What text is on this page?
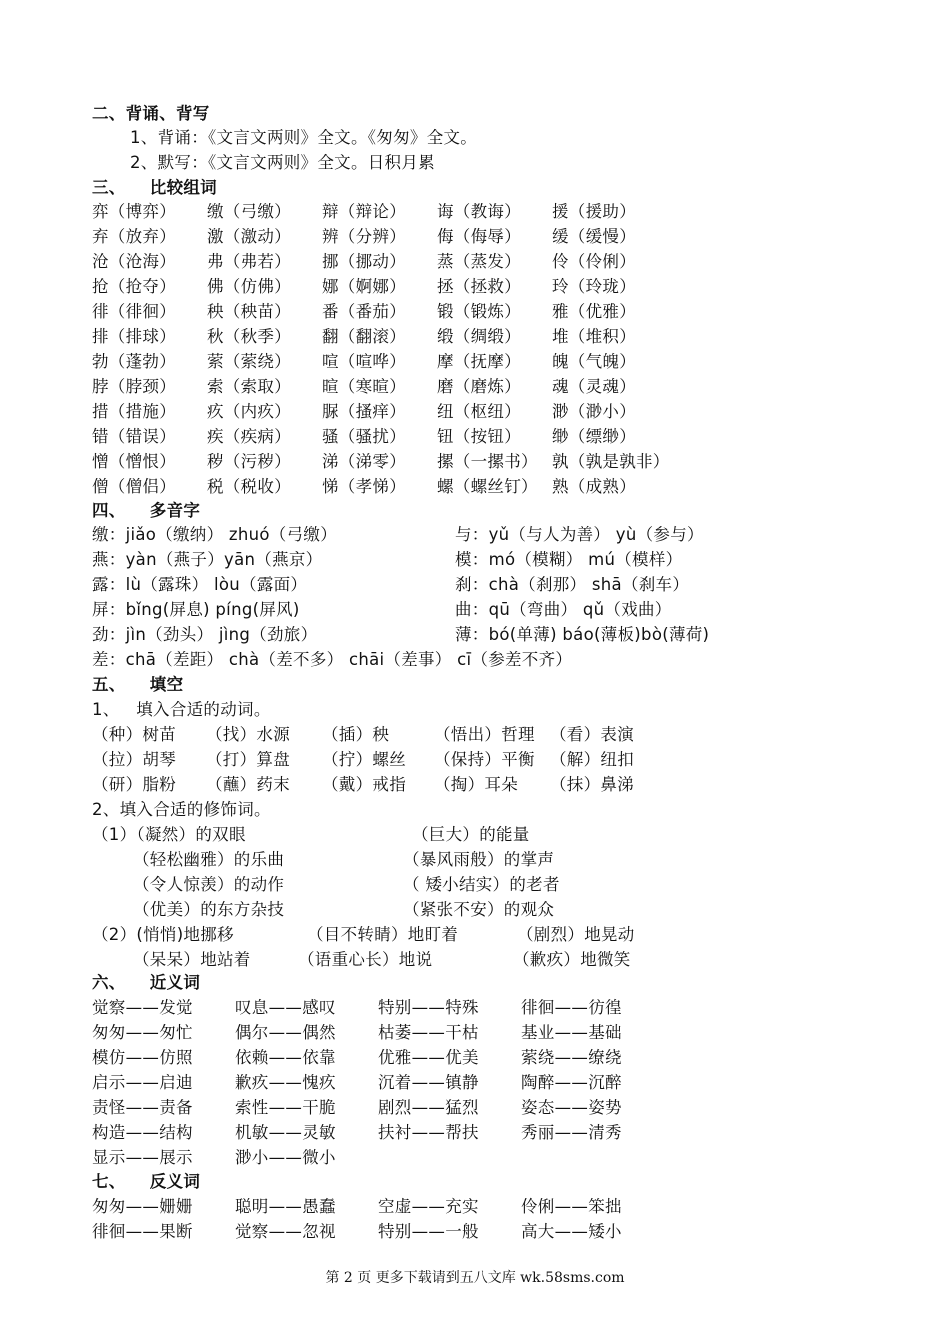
二、背诵、背写
1、背诵：《文言文两则》全文。《匆匆》全文。
2、默写：《文言文两则》全文。日积月累
三、    比较组词
弈（博弈）	缴（弓缴）	辩（辩论）	诲（教诲）	援（援助）
弃（放弃）	激（激动）	辨（分辨）	侮（侮辱）	缓（缓慢）
沧（沧海）	弗（弗若）	挪（挪动）	蒸（蒸发）	伶（伶俐）
抢（抢夺）	佛（仿佛）	娜（婀娜）	拯（拯救）	玲（玲珑）
徘（徘徊）	秧（秧苗）	番（番茄）	锻（锻炼）	雅（优雅）
排（排球）	秋（秋季）	翻（翻滚）	缎（绸缎）	堆（堆积）
勃（蓬勃）	萦（萦绕）	喧（喧哗）	摩（抚摩）	魄（气魄）
脖（脖颈）	索（索取）	暄（寒暄）	磨（磨炼）	魂（灵魂）
措（措施）	疚（内疚）	脲（搔痒）	纽（枢纽）	渺（渺小）
错（错误）	疾（疾病）	骚（骚扰）	钮（按钮）	缈（缥缈）
憎（憎恨）	秽（污秽）	涕（涕零）	摞（一摞书） 孰（孰是孰非）
僧（僧侣）	税（税收）	悌（孝悌）	螺（螺丝钉） 熟（成熟）
四、    多音字
缴：jiǎo（缴纳） zhuó（弓缴）	与：yǔ（与人为善） yù（参与）
燕：yàn（燕子）yān（燕京）	模：mó（模糊） mú（模样）
露：lù（露珠） lòu（露面）	刹：chà（刹那） shā（刹车）
屏：bǐng(屏息) píng(屏风)	曲：qū（弯曲） qǔ（戏曲）
劲：jìn（劲头） jìng（劲旅）	薄：bó(单薄) báo(薄板)bò(薄荷)
差：chā（差距） chà（差不多） chāi（差事） cī（参差不齐）
五、    填空
1、   填入合适的动词。
（种）树苗	（找）水源	（插）秧	（悟出）哲理 （看）表演
（拉）胡琴	（打）算盘	（拧）螺丝	（保持）平衡 （解）纽扣
（研）脂粉	（蘸）药末	（戴）戒指	（掏）耳朵	（抹）鼻涕
2、填入合适的修饰词。
（1）（凝然）的双眼	（巨大）的能量
（轻松幽雅）的乐曲	（暴风雨般）的掌声
（令人惊羡）的动作	（ 矮小结实）的老者
（优美）的东方杂技	（紧张不安）的观众
（2）(悄悄)地挪移	（目不转睛）地盯着	（剧烈）地晃动
（呆呆）地站着	（语重心长）地说	（歉疚）地微笑
六、    近义词
觉察——发觉	叹息——感叹	特别——特殊	徘徊——彷徨
匆匆——匆忙	偶尔——偶然	枯萎——干枯	基业——基础
模仿——仿照	依赖——依靠	优雅——优美	萦绕——缭绕
启示——启迪	歉疚——愧疚	沉着——镇静	陶醉——沉醉
责怪——责备	索性——干脆	剧烈——猛烈	姿态——姿势
构造——结构	机敏——灵敏	扶衬——帮扶	秀丽——清秀
显示——展示	渺小——微小
七、    反义词
匆匆——姗姗	聪明——愚蠢	空虚——充实	伶俐——笨拙
徘徊——果断	觉察——忽视	特别——一般	高大——矮小
第 2 页 更多下载请到五八文库 wk.58sms.com
